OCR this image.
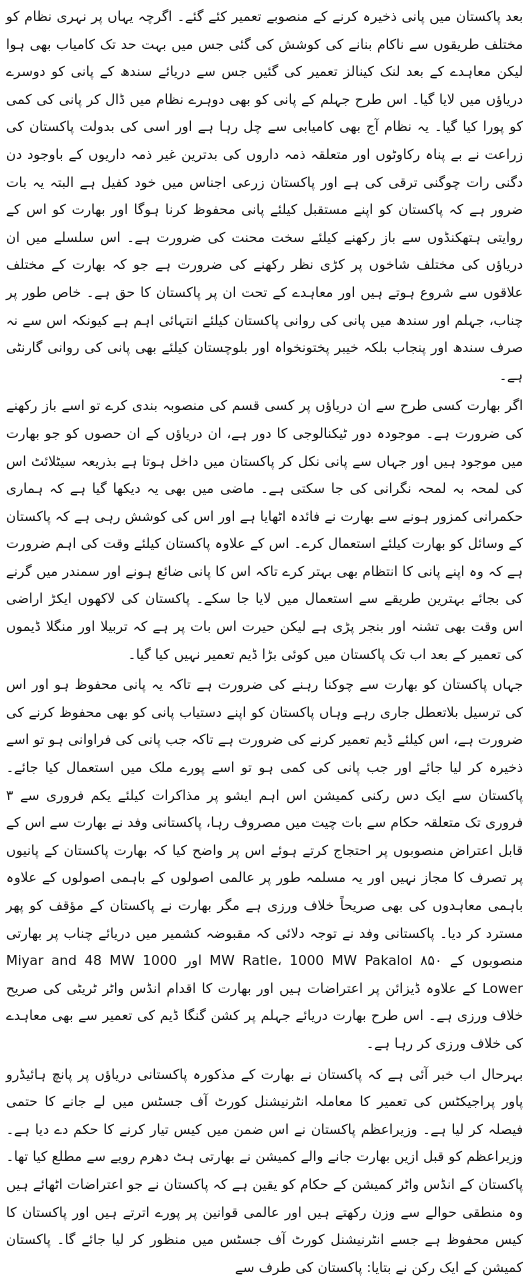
بعد پاکستان میں پانی ذخیرہ کرنے کے منصوبے تعمیر کئے گئے۔ اگرچہ یہاں پر نہری نظام کو مختلف طریقوں سے ناکام بنانے کی کوشش کی گئی جس میں بہت حد تک کامیاب بھی ہوا لیکن معاہدے کے بعد لنک کینالز تعمیر کی گئیں جس سے دریائے سندھ کے پانی کو دوسرے دریاؤں میں لایا گیا۔ اس طرح جہلم کے پانی کو بھی دوہرے نظام میں ڈال کر پانی کی کمی کو پورا کیا گیا۔ یہ نظام آج بھی کامیابی سے چل رہا ہے اور اسی کی بدولت پاکستان کی زراعت نے بے پناہ رکاوٹوں اور متعلقہ ذمہ داروں کی بدترین غیر ذمہ داریوں کے باوجود دن دگنی رات چوگنی ترقی کی ہے اور پاکستان زرعی اجناس میں خود کفیل ہے البتہ یہ بات ضرور ہے کہ پاکستان کو اپنے مستقبل کیلئے پانی محفوظ کرنا ہوگا اور بھارت کو اس کے روایتی ہتھکنڈوں سے باز رکھنے کیلئے سخت محنت کی ضرورت ہے۔ اس سلسلے میں ان دریاؤں کی مختلف شاخوں پر کڑی نظر رکھنے کی ضرورت ہے جو کہ بھارت کے مختلف علاقوں سے شروع ہوتے ہیں اور معاہدے کے تحت ان پر پاکستان کا حق ہے۔ خاص طور پر چناب، جہلم اور سندھ میں پانی کی روانی پاکستان کیلئے انتہائی اہم ہے کیونکہ اس سے نہ صرف سندھ اور پنجاب بلکہ خیبر پختونخواہ اور بلوچستان کیلئے بھی پانی کی روانی گارنٹی ہے۔

اگر بھارت کسی طرح سے ان دریاؤں پر کسی قسم کی منصوبہ بندی کرے تو اسے باز رکھنے کی ضرورت ہے۔ موجودہ دور ٹیکنالوجی کا دور ہے، ان دریاؤں کے ان حصوں کو جو بھارت میں موجود ہیں اور جہاں سے پانی نکل کر پاکستان میں داخل ہوتا ہے بذریعہ سیٹلائٹ اس کی لمحہ بہ لمحہ نگرانی کی جا سکتی ہے۔ ماضی میں بھی یہ دیکھا گیا ہے کہ ہماری حکمرانی کمزور ہونے سے بھارت نے فائدہ اٹھایا ہے اور اس کی کوشش رہی ہے کہ پاکستان کے وسائل کو بھارت کیلئے استعمال کرے۔ اس کے علاوہ پاکستان کیلئے وقت کی اہم ضرورت ہے کہ وہ اپنے پانی کا انتظام بھی بہتر کرے تاکہ اس کا پانی ضائع ہونے اور سمندر میں گرنے کی بجائے بہترین طریقے سے استعمال میں لایا جا سکے۔ پاکستان کی لاکھوں ایکڑ اراضی اس وقت بھی تشنہ اور بنجر پڑی ہے لیکن حیرت اس بات پر ہے کہ تربیلا اور منگلا ڈیموں کی تعمیر کے بعد اب تک پاکستان میں کوئی بڑا ڈیم تعمیر نہیں کیا گیا۔

جہاں پاکستان کو بھارت سے چوکنا رہنے کی ضرورت ہے تاکہ یہ پانی محفوظ ہو اور اس کی ترسیل بلاتعطل جاری رہے وہاں پاکستان کو اپنے دستیاب پانی کو بھی محفوظ کرنے کی ضرورت ہے، اس کیلئے ڈیم تعمیر کرنے کی ضرورت ہے تاکہ جب پانی کی فراوانی ہو تو اسے ذخیرہ کر لیا جائے اور جب پانی کی کمی ہو تو اسے پورے ملک میں استعمال کیا جائے۔ پاکستان سے ایک دس رکنی کمیشن اس اہم ایشو پر مذاکرات کیلئے یکم فروری سے ۳ فروری تک متعلقہ حکام سے بات چیت میں مصروف رہا، پاکستانی وفد نے بھارت سے اس کے قابل اعتراض منصوبوں پر احتجاج کرتے ہوئے اس پر واضح کیا کہ بھارت پاکستان کے پانیوں پر تصرف کا مجاز نہیں اور یہ مسلمہ طور پر عالمی اصولوں کے باہمی اصولوں کے علاوہ باہمی معاہدوں کی بھی صریحاً خلاف ورزی ہے مگر بھارت نے پاکستان کے مؤقف کو پھر مسترد کر دیا۔ پاکستانی وفد نے توجہ دلائی کہ مقبوضہ کشمیر میں دریائے چناب پر بھارتی منصوبوں کے ۸۵۰ MW Ratle، 1000 MW Pakalol اور 1000 Miyar and 48 MW Lower کے علاوہ ڈیزائن پر اعتراضات ہیں اور بھارت کا اقدام انڈس واٹر ٹریٹی کی صریح خلاف ورزی ہے۔ اس طرح بھارت دریائے جہلم پر کشن گنگا ڈیم کی تعمیر سے بھی معاہدے کی خلاف ورزی کر رہا ہے۔

بہرحال اب خبر آئی ہے کہ پاکستان نے بھارت کے مذکورہ پاکستانی دریاؤں پر پانچ ہائیڈرو پاور پراجیکٹس کی تعمیر کا معاملہ انٹرنیشنل کورٹ آف جسٹس میں لے جانے کا حتمی فیصلہ کر لیا ہے۔ وزیراعظم پاکستان نے اس ضمن میں کیس تیار کرنے کا حکم دے دیا ہے۔ وزیراعظم کو قبل ازیں بھارت جانے والے کمیشن نے بھارتی ہٹ دھرم رویے سے مطلع کیا تھا۔ پاکستان کے انڈس واٹر کمیشن کے حکام کو یقین ہے کہ پاکستان نے جو اعتراضات اٹھائے ہیں وہ منطقی حوالے سے وزن رکھتے ہیں اور عالمی قوانین پر پورے اترتے ہیں اور پاکستان کا کیس محفوظ ہے جسے انٹرنیشنل کورٹ آف جسٹس میں منظور کر لیا جائے گا۔ پاکستان کمیشن کے ایک رکن نے بتایا: پاکستان کی طرف سے
